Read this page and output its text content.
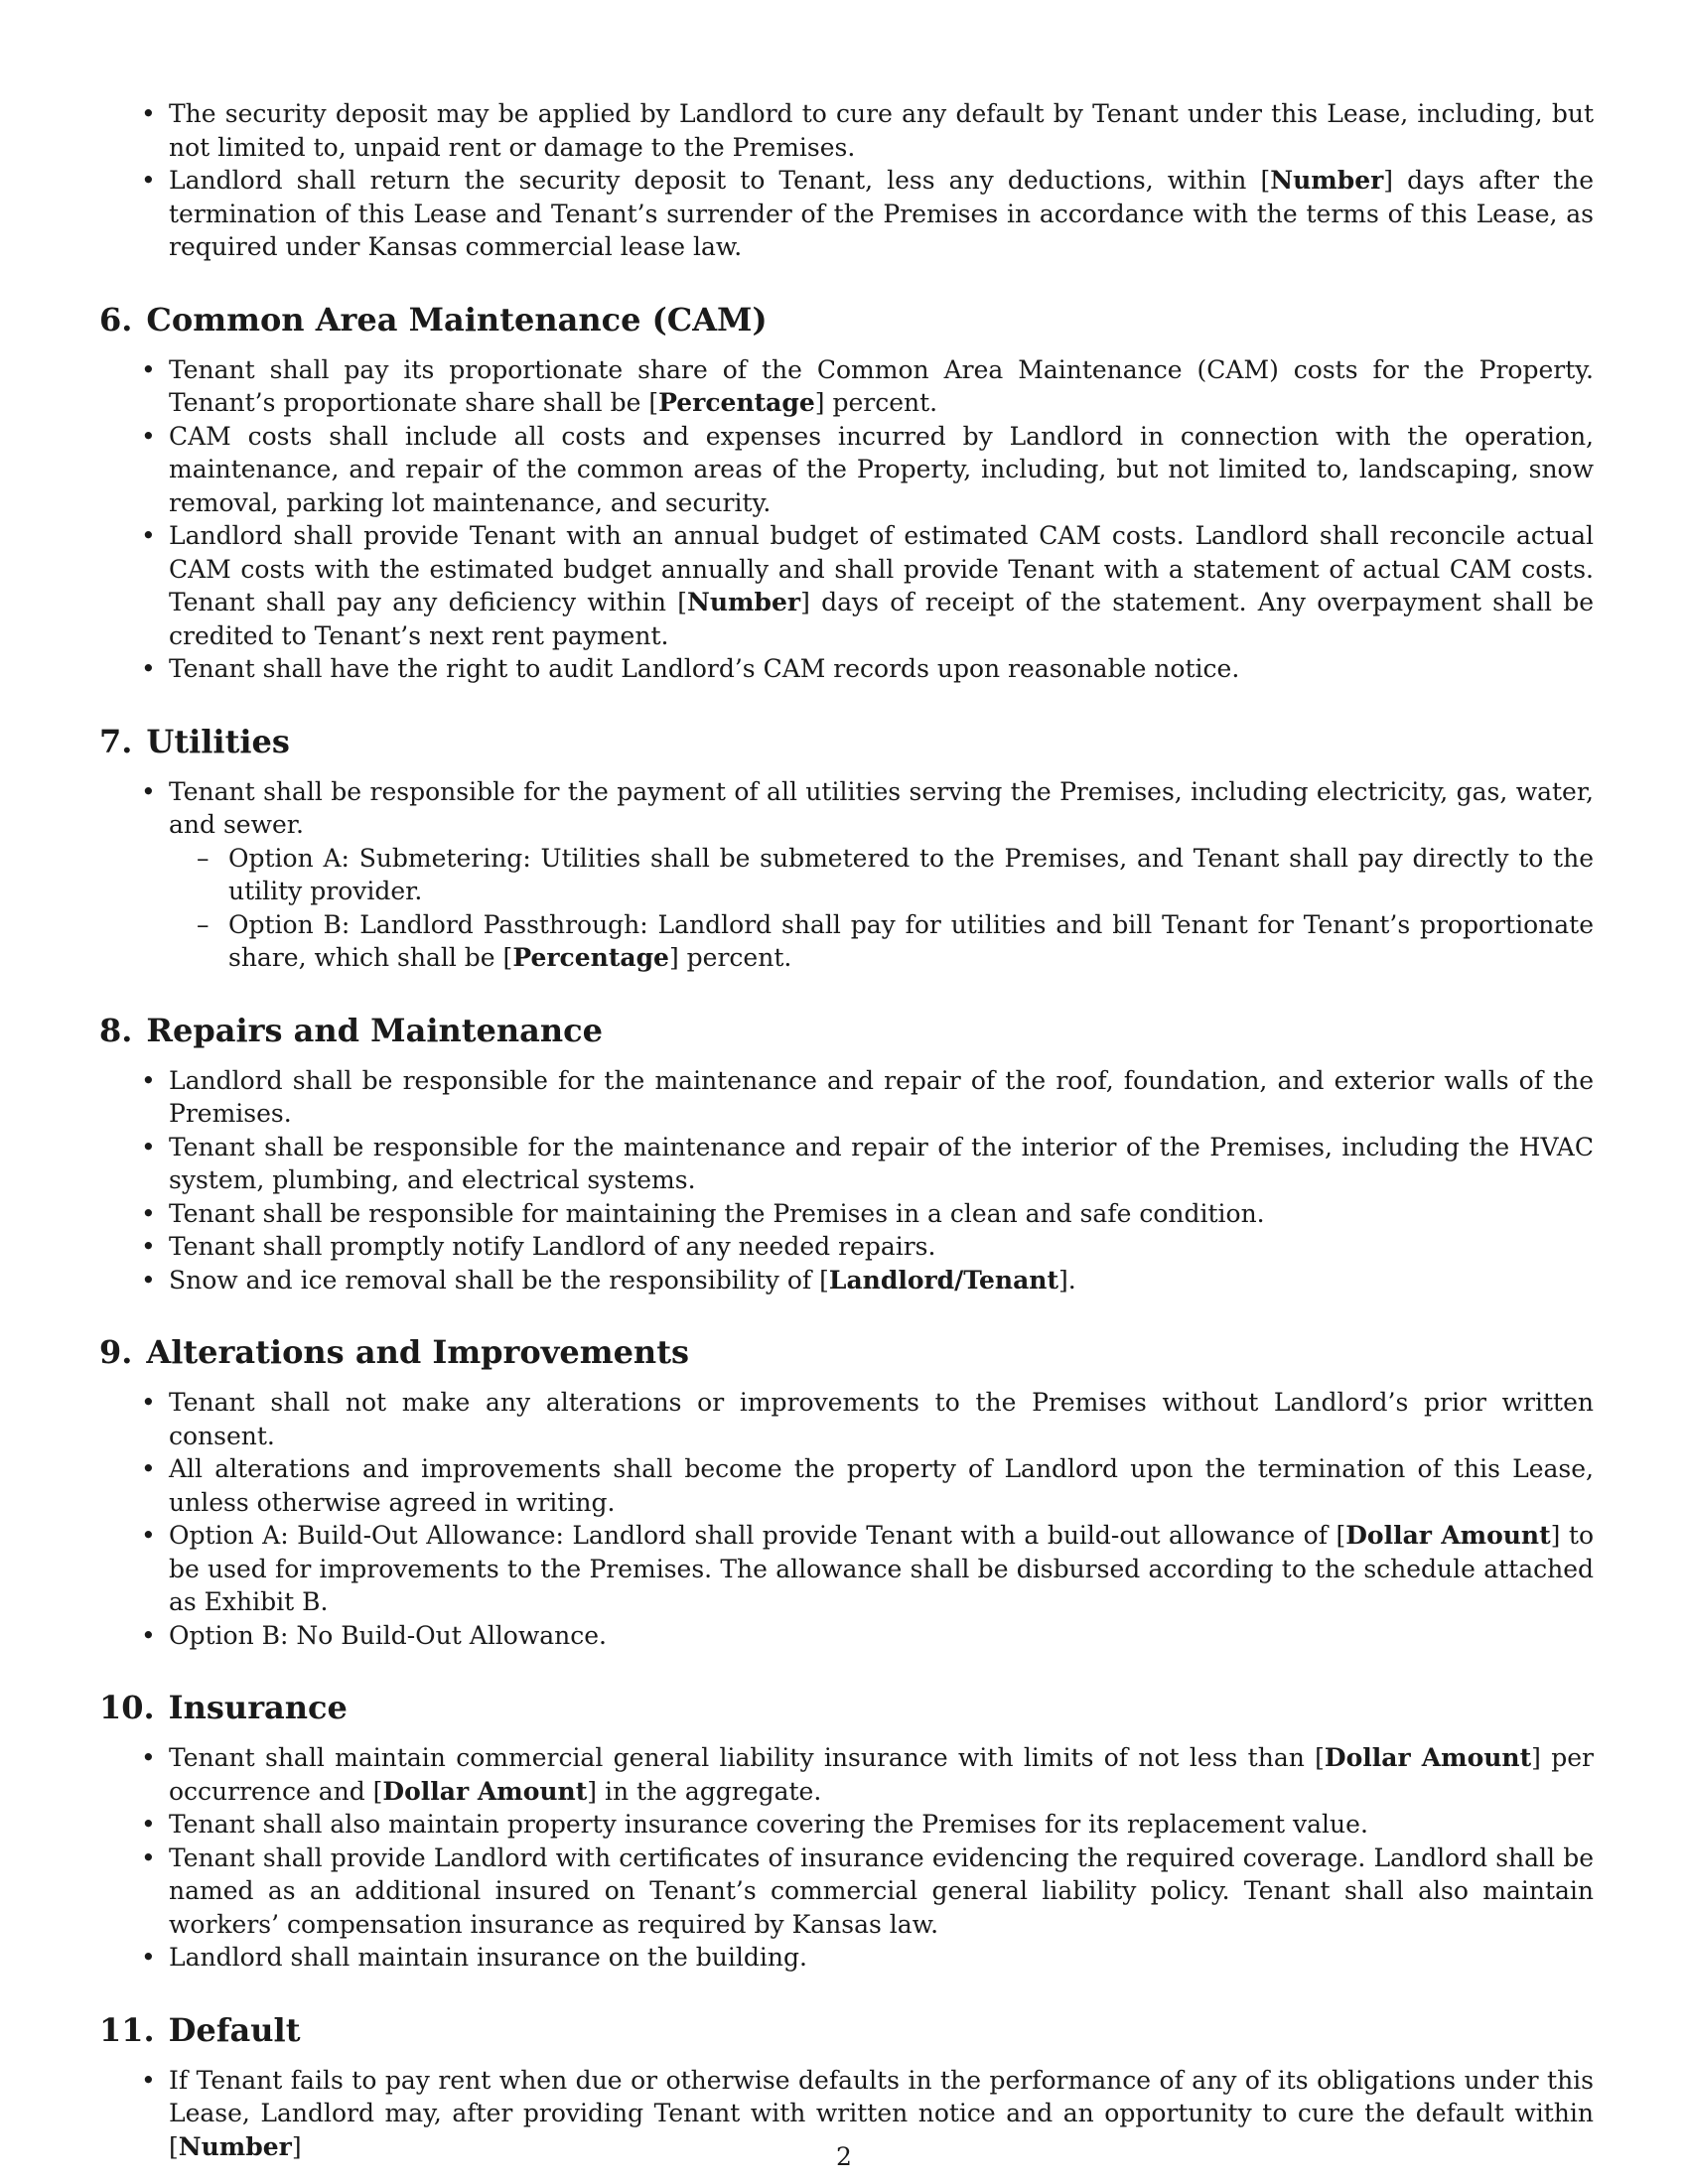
• The security deposit may be applied by Landlord to cure any default by Tenant under this Lease, including, but not limited to, unpaid rent or damage to the Premises.
• Landlord shall return the security deposit to Tenant, less any deductions, within [Number] days after the termination of this Lease and Tenant’s surrender of the Premises in accordance with the terms of this Lease, as required under Kansas commercial lease law.
6. Common Area Maintenance (CAM)
• Tenant shall pay its proportionate share of the Common Area Maintenance (CAM) costs for the Property. Tenant’s proportionate share shall be [Percentage] percent.
• CAM costs shall include all costs and expenses incurred by Landlord in connection with the operation, maintenance, and repair of the common areas of the Property, including, but not limited to, landscaping, snow removal, parking lot maintenance, and security.
• Landlord shall provide Tenant with an annual budget of estimated CAM costs. Landlord shall reconcile actual CAM costs with the estimated budget annually and shall provide Tenant with a statement of actual CAM costs. Tenant shall pay any deficiency within [Number] days of receipt of the statement. Any overpayment shall be credited to Tenant’s next rent payment.
• Tenant shall have the right to audit Landlord’s CAM records upon reasonable notice.
7. Utilities
• Tenant shall be responsible for the payment of all utilities serving the Premises, including electricity, gas, water, and sewer.
– Option A: Submetering: Utilities shall be submetered to the Premises, and Tenant shall pay directly to the utility provider.
– Option B: Landlord Passthrough: Landlord shall pay for utilities and bill Tenant for Tenant’s proportionate share, which shall be [Percentage] percent.
8. Repairs and Maintenance
• Landlord shall be responsible for the maintenance and repair of the roof, foundation, and exterior walls of the Premises.
• Tenant shall be responsible for the maintenance and repair of the interior of the Premises, including the HVAC system, plumbing, and electrical systems.
• Tenant shall be responsible for maintaining the Premises in a clean and safe condition.
• Tenant shall promptly notify Landlord of any needed repairs.
• Snow and ice removal shall be the responsibility of [Landlord/Tenant].
9. Alterations and Improvements
• Tenant shall not make any alterations or improvements to the Premises without Landlord’s prior written consent.
• All alterations and improvements shall become the property of Landlord upon the termination of this Lease, unless otherwise agreed in writing.
• Option A: Build-Out Allowance: Landlord shall provide Tenant with a build-out allowance of [Dollar Amount] to be used for improvements to the Premises. The allowance shall be disbursed according to the schedule attached as Exhibit B.
• Option B: No Build-Out Allowance.
10. Insurance
• Tenant shall maintain commercial general liability insurance with limits of not less than [Dollar Amount] per occurrence and [Dollar Amount] in the aggregate.
• Tenant shall also maintain property insurance covering the Premises for its replacement value.
• Tenant shall provide Landlord with certificates of insurance evidencing the required coverage. Landlord shall be named as an additional insured on Tenant’s commercial general liability policy. Tenant shall also maintain workers’ compensation insurance as required by Kansas law.
• Landlord shall maintain insurance on the building.
11. Default
• If Tenant fails to pay rent when due or otherwise defaults in the performance of any of its obligations under this Lease, Landlord may, after providing Tenant with written notice and an opportunity to cure the default within [Number]	2
